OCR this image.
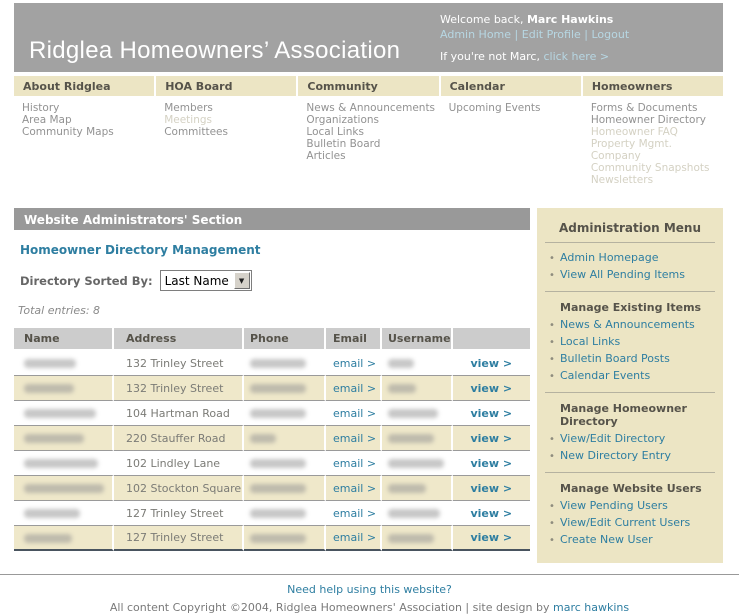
Ridglea Homeowners’ Association
Welcome back, Marc Hawkins
Admin Home | Edit Profile | Logout
If you're not Marc, click here >
About Ridglea
History
Area Map
Community Maps
HOA Board
Members
Meetings
Committees
Community
News & Announcements
Organizations
Local Links
Bulletin Board
Articles
Calendar
Upcoming Events
Homeowners
Forms & Documents
Homeowner Directory
Homeowner FAQ
Property Mgmt. Company
Community Snapshots
Newsletters
Website Administrators' Section
Homeowner Directory Management
Directory Sorted By:
Last Name	▼
Total entries: 8
Name	Address	Phone	Email	Username	
	132 Trinley Street		email >		view >
	132 Trinley Street		email >		view >
	104 Hartman Road		email >		view >
	220 Stauffer Road		email >		view >
	102 Lindley Lane		email >		view >
	102 Stockton Square		email >		view >
	127 Trinley Street		email >		view >
	127 Trinley Street		email >		view >
Administration Menu
• Admin Homepage
• View All Pending Items
Manage Existing Items
• News & Announcements
• Local Links
• Bulletin Board Posts
• Calendar Events
Manage Homeowner Directory
• View/Edit Directory
• New Directory Entry
Manage Website Users
• View Pending Users
• View/Edit Current Users
• Create New User
Need help using this website?
All content Copyright ©2004, Ridglea Homeowners' Association | site design by marc hawkins
